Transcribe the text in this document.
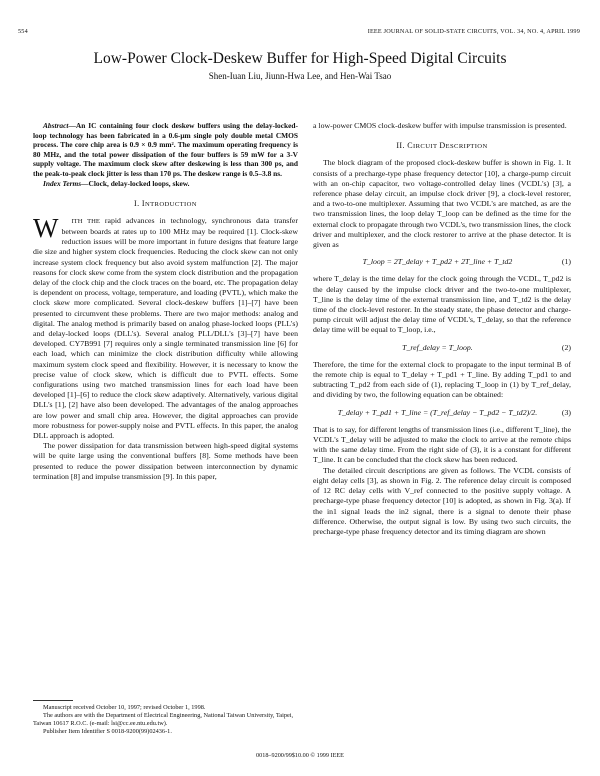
554	IEEE JOURNAL OF SOLID-STATE CIRCUITS, VOL. 34, NO. 4, APRIL 1999
Low-Power Clock-Deskew Buffer for High-Speed Digital Circuits
Shen-Iuan Liu, Jiunn-Hwa Lee, and Hen-Wai Tsao

Abstract—An IC containing four clock deskew buffers using the delay-locked-loop technology has been fabricated in a 0.6-μm single poly double metal CMOS process. The core chip area is 0.9 × 0.9 mm². The maximum operating frequency is 80 MHz, and the total power dissipation of the four buffers is 59 mW for a 3-V supply voltage. The maximum clock skew after deskewing is less than 300 ps, and the peak-to-peak clock jitter is less than 170 ps. The deskew range is 0.5–3.8 ns.

Index Terms—Clock, delay-locked loops, skew.

I. INTRODUCTION

W ITH THE rapid advances in technology, synchronous data transfer between boards at rates up to 100 MHz may be required [1]. Clock-skew reduction issues will be more important in future designs that feature large die size and higher system clock frequencies. Reducing the clock skew can not only increase system clock frequency but also avoid system malfunction [2]. The major reasons for clock skew come from the system clock distribution and the propagation delay of the clock chip and the clock traces on the board, etc. The propagation delay is dependent on process, voltage, temperature, and loading (PVTL), which make the clock skew more complicated. Several clock-deskew buffers [1]–[7] have been presented to circumvent these problems. There are two major methods: analog and digital. The analog method is primarily based on analog phase-locked loops (PLL's) and delay-locked loops (DLL's). Several analog PLL/DLL's [3]–[7] have been developed. CY7B991 [7] requires only a single terminated transmission line [6] for each load, which can minimize the clock distribution difficulty while allowing maximum system clock speed and flexibility. However, it is necessary to know the precise value of clock skew, which is difficult due to PVTL effects. Some configurations using two matched transmission lines for each load have been developed [1]–[6] to reduce the clock skew adaptively. Alternatively, various digital DLL's [1], [2] have also been developed. The advantages of the analog approaches are low power and small chip area. However, the digital approaches can provide more robustness for power-supply noise and PVTL effects. In this paper, the analog DLL approach is adopted.

The power dissipation for data transmission between high-speed digital systems will be quite large using the conventional buffers [8]. Some methods have been presented to reduce the power dissipation between interconnection by dynamic termination [8] and impulse transmission [9]. In this paper,

a low-power CMOS clock-deskew buffer with impulse transmission is presented.

II. CIRCUIT DESCRIPTION

The block diagram of the proposed clock-deskew buffer is shown in Fig. 1. It consists of a precharge-type phase frequency detector [10], a charge-pump circuit with an on-chip capacitor, two voltage-controlled delay lines (VCDL's) [3], a reference phase delay circuit, an impulse clock driver [9], a clock-level restorer, and a two-to-one multiplexer. Assuming that two VCDL's are matched, as are the two transmission lines, the loop delay T_loop can be defined as the time for the external clock to propagate through two VCDL's, two transmission lines, the clock driver and multiplexer, and the clock restorer to arrive at the phase detector. It is given as

T_loop = 2T_delay + T_pd2 + 2T_line + T_td2	(1)

where T_delay is the time delay for the clock going through the VCDL, T_pd2 is the delay caused by the impulse clock driver and the two-to-one multiplexer, T_line is the delay time of the external transmission line, and T_td2 is the delay time of the clock-level restorer. In the steady state, the phase detector and charge-pump circuit will adjust the delay time of VCDL's, T_delay, so that the reference delay time will be equal to T_loop, i.e.,

T_ref_delay = T_loop.	(2)

Therefore, the time for the external clock to propagate to the input terminal B of the remote chip is equal to T_delay + T_pd1 + T_line. By adding T_pd1 to and subtracting T_pd2 from each side of (1), replacing T_loop in (1) by T_ref_delay, and dividing by two, the following equation can be obtained:

T_delay + T_pd1 + T_line = (T_ref_delay − T_pd2 − T_td2)/2.	(3)

That is to say, for different lengths of transmission lines (i.e., different T_line), the VCDL's T_delay will be adjusted to make the clock to arrive at the remote chips with the same delay time. From the right side of (3), it is a constant for different T_line. It can be concluded that the clock skew has been reduced.

The detailed circuit descriptions are given as follows. The VCDL consists of eight delay cells [3], as shown in Fig. 2. The reference delay circuit is composed of 12 RC delay cells with V_ref connected to the positive supply voltage. A precharge-type phase frequency detector [10] is adopted, as shown in Fig. 3(a). If the in1 signal leads the in2 signal, there is a signal to denote their phase difference. Otherwise, the output signal is low. By using two such circuits, the precharge-type phase frequency detector and its timing diagram are shown

Manuscript received October 10, 1997; revised October 1, 1998.

The authors are with the Department of Electrical Engineering, National Taiwan University, Taipei, Taiwan 10617 R.O.C. (e-mail: lsi@cc.ee.ntu.edu.tw).

Publisher Item Identifier S 0018-9200(99)02436-1.

0018–9200/99$10.00 © 1999 IEEE
